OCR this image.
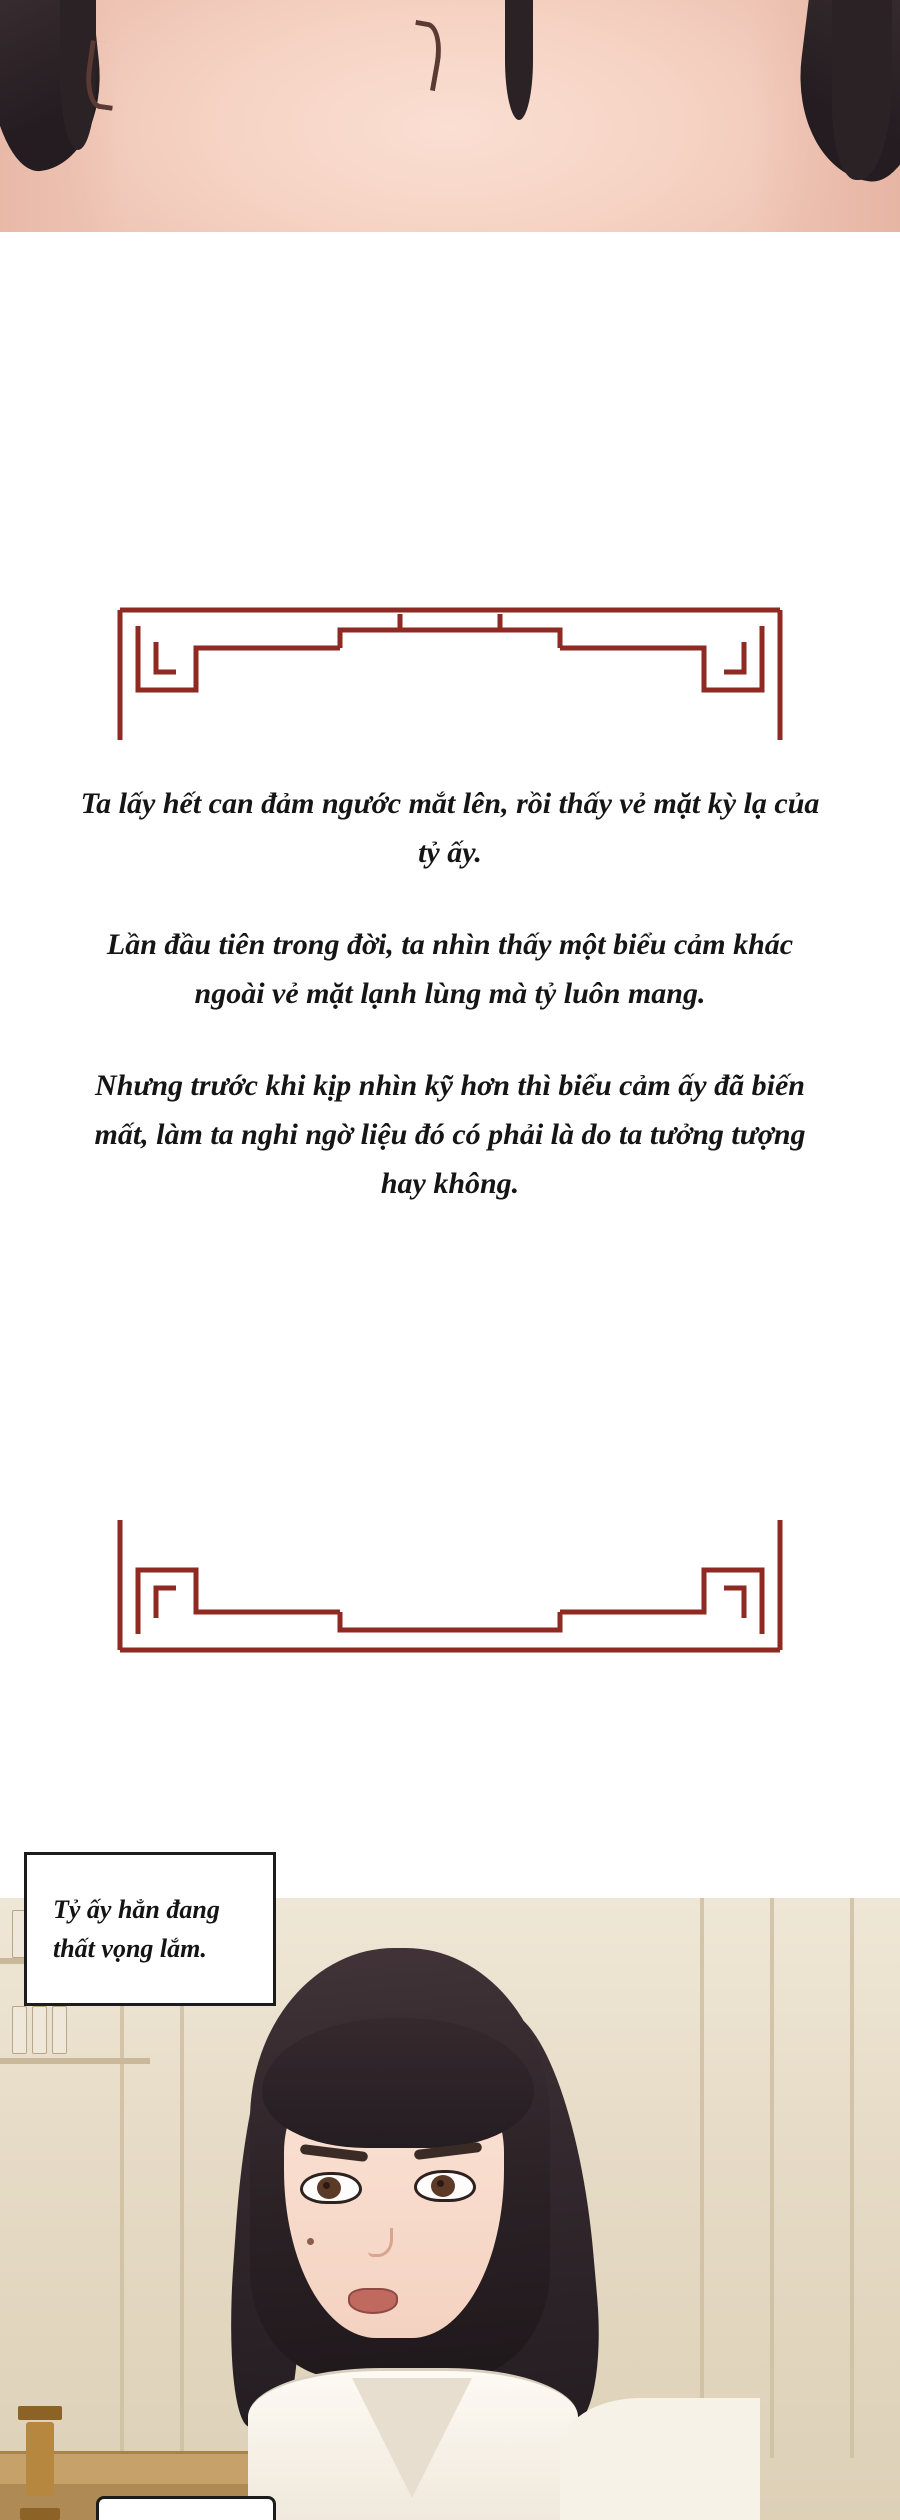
Ta lấy hết can đảm ngước mắt lên, rồi thấy vẻ mặt kỳ lạ của tỷ ấy.

Lần đầu tiên trong đời, ta nhìn thấy một biểu cảm khác ngoài vẻ mặt lạnh lùng mà tỷ luôn mang.

Nhưng trước khi kịp nhìn kỹ hơn thì biểu cảm ấy đã biến mất, làm ta nghi ngờ liệu đó có phải là do ta tưởng tượng hay không.

Tỷ ấy hẳn đang

thất vọng lắm.
